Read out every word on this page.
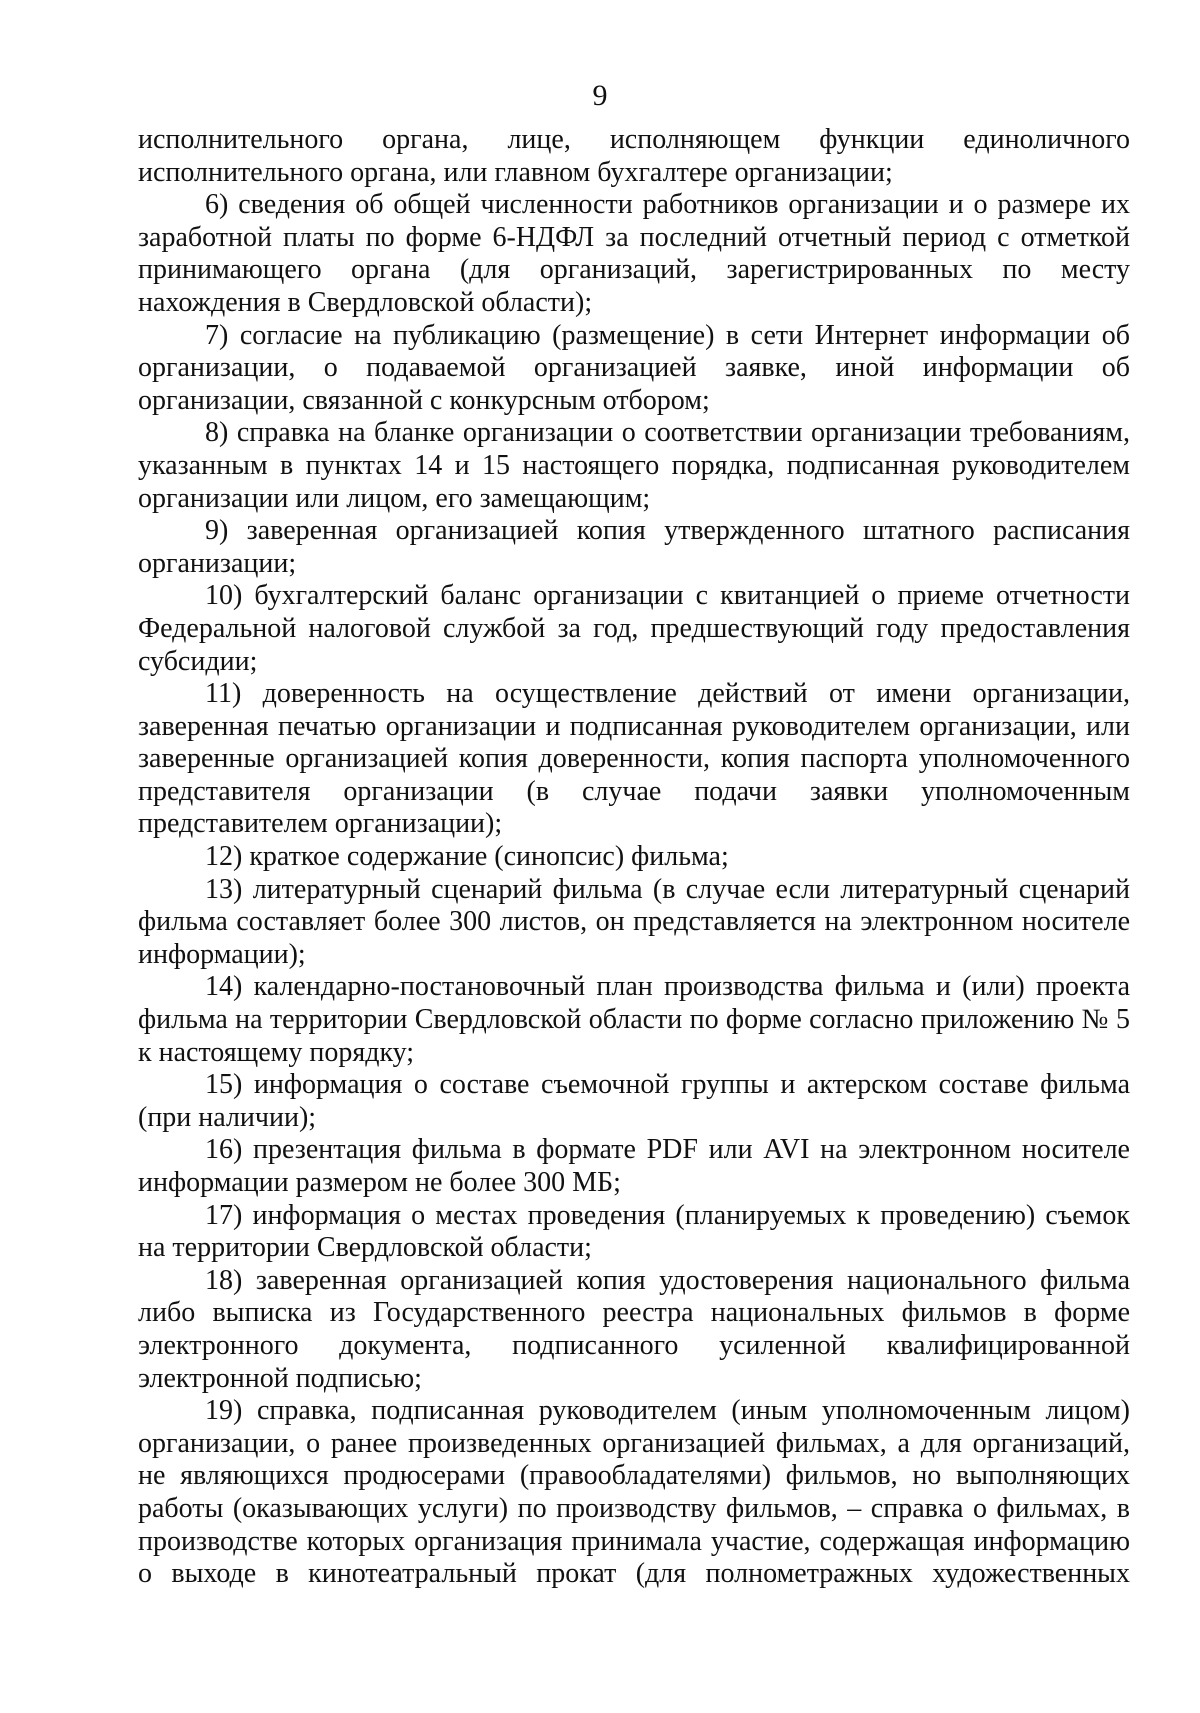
9

исполнительного органа, лице, исполняющем функции единоличного исполнительного органа, или главном бухгалтере организации;

6) сведения об общей численности работников организации и о размере их заработной платы по форме 6-НДФЛ за последний отчетный период с отметкой принимающего органа (для организаций, зарегистрированных по месту нахождения в Свердловской области);

7) согласие на публикацию (размещение) в сети Интернет информации об организации, о подаваемой организацией заявке, иной информации об организации, связанной с конкурсным отбором;

8) справка на бланке организации о соответствии организации требованиям, указанным в пунктах 14 и 15 настоящего порядка, подписанная руководителем организации или лицом, его замещающим;

9) заверенная организацией копия утвержденного штатного расписания организации;

10) бухгалтерский баланс организации с квитанцией о приеме отчетности Федеральной налоговой службой за год, предшествующий году предоставления субсидии;

11) доверенность на осуществление действий от имени организации, заверенная печатью организации и подписанная руководителем организации, или заверенные организацией копия доверенности, копия паспорта уполномоченного представителя организации (в случае подачи заявки уполномоченным представителем организации);

12) краткое содержание (синопсис) фильма;

13) литературный сценарий фильма (в случае если литературный сценарий фильма составляет более 300 листов, он представляется на электронном носителе информации);

14) календарно-постановочный план производства фильма и (или) проекта фильма на территории Свердловской области по форме согласно приложению № 5 к настоящему порядку;

15) информация о составе съемочной группы и актерском составе фильма (при наличии);

16) презентация фильма в формате PDF или AVI на электронном носителе информации размером не более 300 МБ;

17) информация о местах проведения (планируемых к проведению) съемок на территории Свердловской области;

18) заверенная организацией копия удостоверения национального фильма либо выписка из Государственного реестра национальных фильмов в форме электронного документа, подписанного усиленной квалифицированной электронной подписью;

19) справка, подписанная руководителем (иным уполномоченным лицом) организации, о ранее произведенных организацией фильмах, а для организаций, не являющихся продюсерами (правообладателями) фильмов, но выполняющих работы (оказывающих услуги) по производству фильмов, – справка о фильмах, в производстве которых организация принимала участие, содержащая информацию о выходе в кинотеатральный прокат (для полнометражных художественных
